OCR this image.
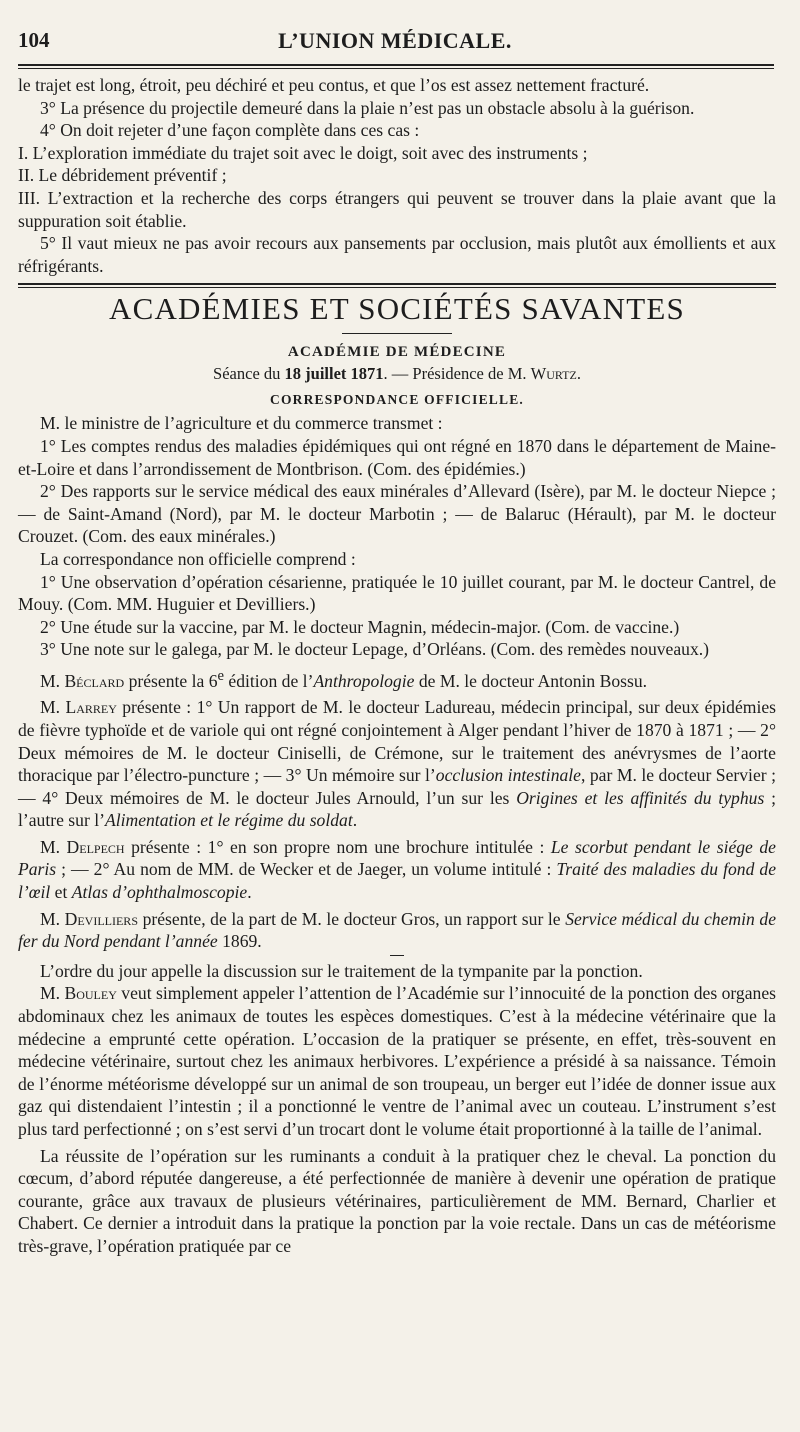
104	L’UNION MÉDICALE.

le trajet est long, étroit, peu déchiré et peu contus, et que l’os est assez nettement fracturé.

3° La présence du projectile demeuré dans la plaie n’est pas un obstacle absolu à la guérison.

4° On doit rejeter d’une façon complète dans ces cas :

I. L’exploration immédiate du trajet soit avec le doigt, soit avec des instruments ;

II. Le débridement préventif ;

III. L’extraction et la recherche des corps étrangers qui peuvent se trouver dans la plaie avant que la suppuration soit établie.

5° Il vaut mieux ne pas avoir recours aux pansements par occlusion, mais plutôt aux émollients et aux réfrigérants.

ACADÉMIES ET SOCIÉTÉS SAVANTES
ACADÉMIE DE MÉDECINE
Séance du 18 juillet 1871. — Présidence de M. Wurtz.
CORRESPONDANCE OFFICIELLE.

M. le ministre de l’agriculture et du commerce transmet :

1° Les comptes rendus des maladies épidémiques qui ont régné en 1870 dans le département de Maine-et-Loire et dans l’arrondissement de Montbrison. (Com. des épidémies.)

2° Des rapports sur le service médical des eaux minérales d’Allevard (Isère), par M. le docteur Niepce ; — de Saint-Amand (Nord), par M. le docteur Marbotin ; — de Balaruc (Hérault), par M. le docteur Crouzet. (Com. des eaux minérales.)

La correspondance non officielle comprend :

1° Une observation d’opération césarienne, pratiquée le 10 juillet courant, par M. le docteur Cantrel, de Mouy. (Com. MM. Huguier et Devilliers.)

2° Une étude sur la vaccine, par M. le docteur Magnin, médecin-major. (Com. de vaccine.)

3° Une note sur le galega, par M. le docteur Lepage, d’Orléans. (Com. des remèdes nouveaux.)

M. Béclard présente la 6e édition de l’Anthropologie de M. le docteur Antonin Bossu.

M. Larrey présente : 1° Un rapport de M. le docteur Ladureau, médecin principal, sur deux épidémies de fièvre typhoïde et de variole qui ont régné conjointement à Alger pendant l’hiver de 1870 à 1871 ; — 2° Deux mémoires de M. le docteur Ciniselli, de Crémone, sur le traitement des anévrysmes de l’aorte thoracique par l’électro-puncture ; — 3° Un mémoire sur l’occlusion intestinale, par M. le docteur Servier ; — 4° Deux mémoires de M. le docteur Jules Arnould, l’un sur les Origines et les affinités du typhus ; l’autre sur l’Alimentation et le régime du soldat.

M. Delpech présente : 1° en son propre nom une brochure intitulée : Le scorbut pendant le siége de Paris ; — 2° Au nom de MM. de Wecker et de Jaeger, un volume intitulé : Traité des maladies du fond de l’œil et Atlas d’ophthalmoscopie.

M. Devilliers présente, de la part de M. le docteur Gros, un rapport sur le Service médical du chemin de fer du Nord pendant l’année 1869.

L’ordre du jour appelle la discussion sur le traitement de la tympanite par la ponction.

M. Bouley veut simplement appeler l’attention de l’Académie sur l’innocuité de la ponction des organes abdominaux chez les animaux de toutes les espèces domestiques. C’est à la médecine vétérinaire que la médecine a emprunté cette opération. L’occasion de la pratiquer se présente, en effet, très-souvent en médecine vétérinaire, surtout chez les animaux herbivores. L’expérience a présidé à sa naissance. Témoin de l’énorme météorisme développé sur un animal de son troupeau, un berger eut l’idée de donner issue aux gaz qui distendaient l’intestin ; il a ponctionné le ventre de l’animal avec un couteau. L’instrument s’est plus tard perfectionné ; on s’est servi d’un trocart dont le volume était proportionné à la taille de l’animal.

La réussite de l’opération sur les ruminants a conduit à la pratiquer chez le cheval. La ponction du cœcum, d’abord réputée dangereuse, a été perfectionnée de manière à devenir une opération de pratique courante, grâce aux travaux de plusieurs vétérinaires, particulièrement de MM. Bernard, Charlier et Chabert. Ce dernier a introduit dans la pratique la ponction par la voie rectale. Dans un cas de météorisme très-grave, l’opération pratiquée par ce
